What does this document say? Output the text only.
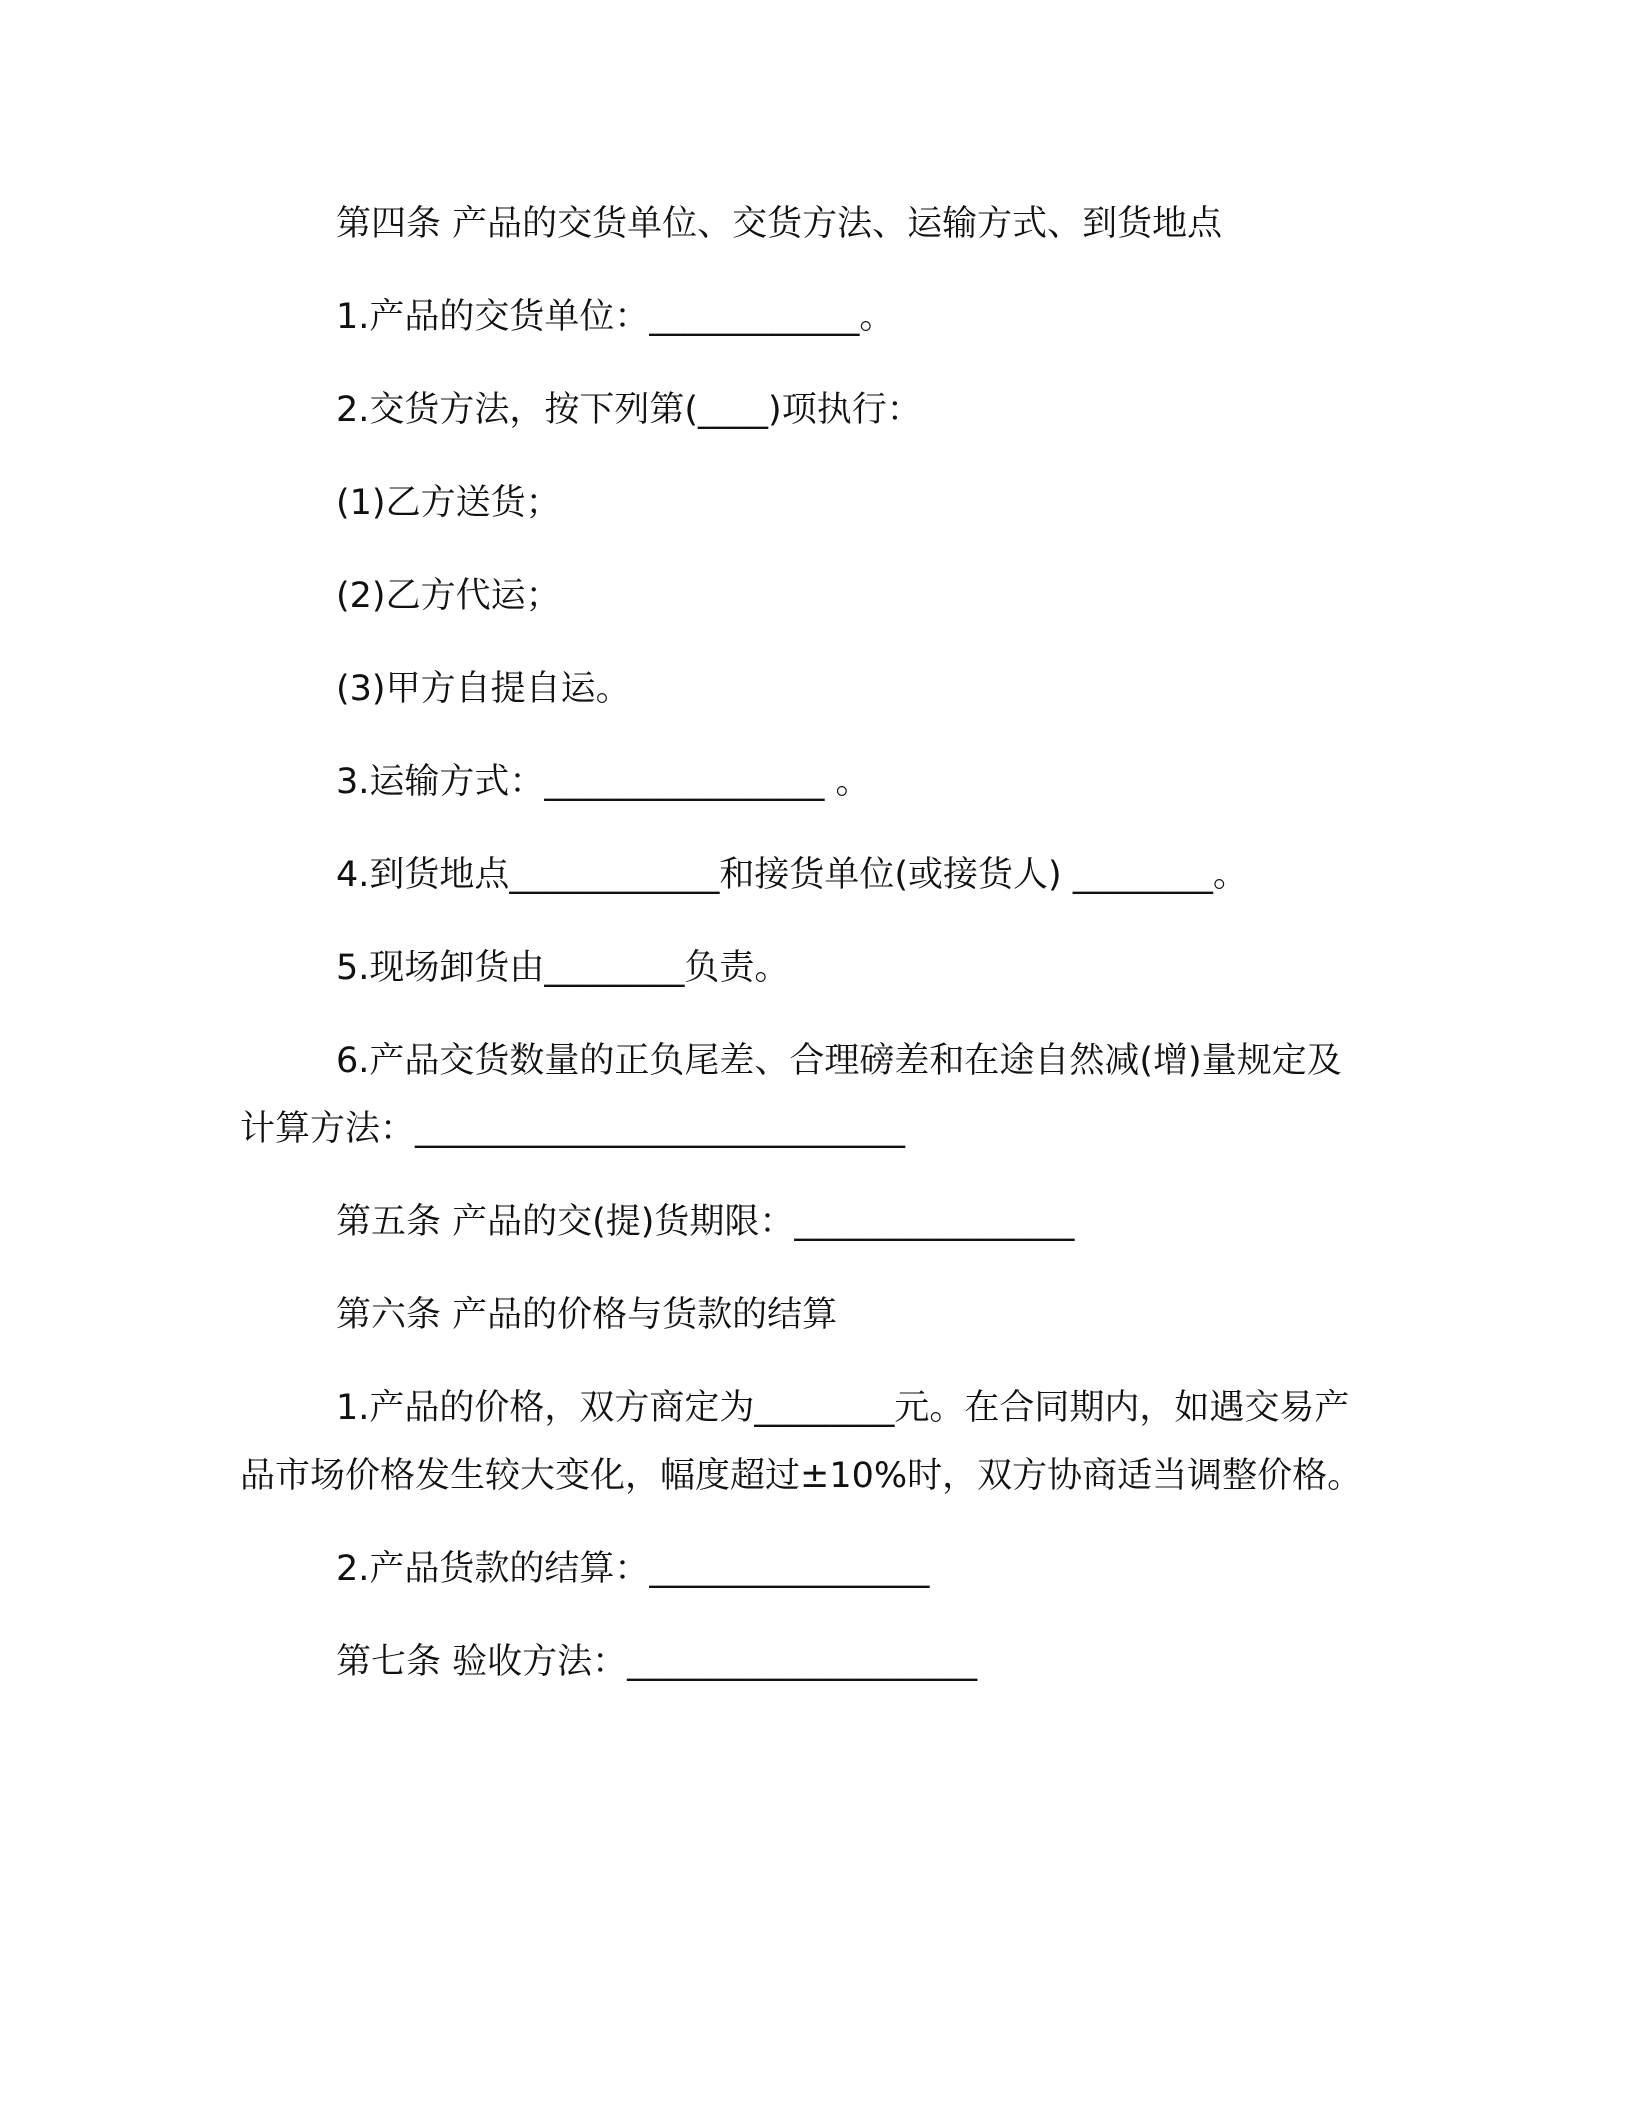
第四条 产品的交货单位、交货方法、运输方式、到货地点

1.产品的交货单位：____________。

2.交货方法，按下列第(____)项执行：

(1)乙方送货；

(2)乙方代运；

(3)甲方自提自运。

3.运输方式：________________ 。

4.到货地点____________和接货单位(或接货人) ________。

5.现场卸货由________负责。

6.产品交货数量的正负尾差、合理磅差和在途自然减(增)量规定及计算方法：____________________________

第五条 产品的交(提)货期限：________________

第六条 产品的价格与货款的结算

1.产品的价格，双方商定为________元。在合同期内，如遇交易产品市场价格发生较大变化，幅度超过±10%时，双方协商适当调整价格。

2.产品货款的结算：________________

第七条 验收方法：____________________
